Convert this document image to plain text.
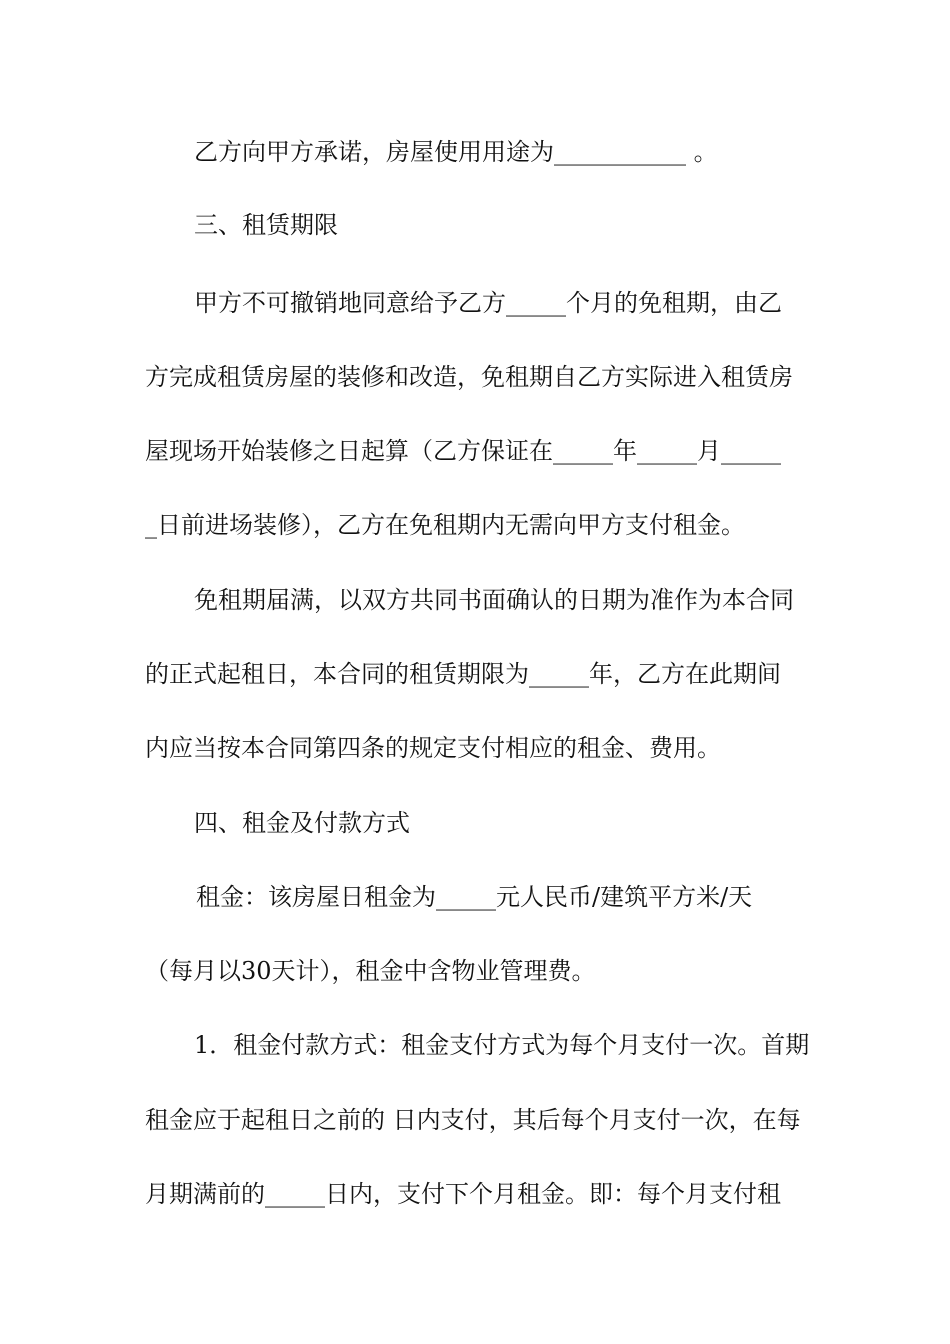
乙方向甲方承诺，房屋使用用途为___________ 。
三、租赁期限
甲方不可撤销地同意给予乙方_____个月的免租期，由乙
方完成租赁房屋的装修和改造，免租期自乙方实际进入租赁房
屋现场开始装修之日起算（乙方保证在_____年_____月_____
_日前进场装修），乙方在免租期内无需向甲方支付租金。
免租期届满，以双方共同书面确认的日期为准作为本合同
的正式起租日，本合同的租赁期限为_____年，乙方在此期间
内应当按本合同第四条的规定支付相应的租金、费用。
四、租金及付款方式
租金：该房屋日租金为_____元人民币/建筑平方米/天
（每月以30天计），租金中含物业管理费。
1．租金付款方式：租金支付方式为每个月支付一次。首期
租金应于起租日之前的 日内支付，其后每个月支付一次，在每
月期满前的_____日内，支付下个月租金。即：每个月支付租
